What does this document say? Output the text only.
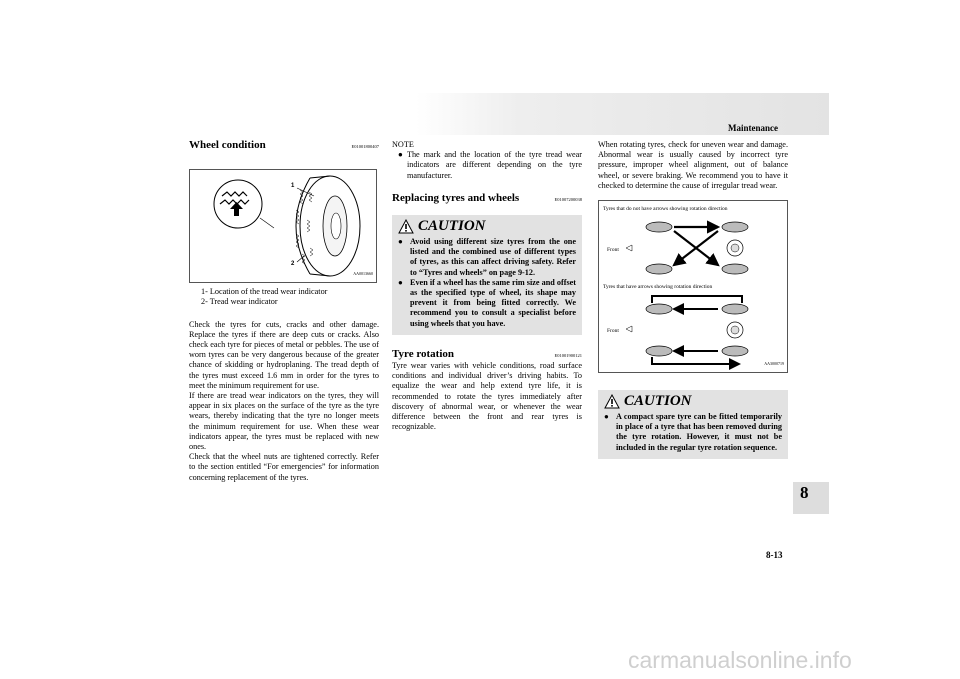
Maintenance
Wheel condition	E01001800407
1
2
AA0013660

1- Location of the tread wear indicator

2- Tread wear indicator

Check the tyres for cuts, cracks and other damage. Replace the tyres if there are deep cuts or cracks. Also check each tyre for pieces of metal or pebbles. The use of worn tyres can be very dangerous because of the greater chance of skidding or hydroplaning. The tread depth of the tyres must exceed 1.6 mm in order for the tyres to meet the minimum requirement for use.

If there are tread wear indicators on the tyres, they will appear in six places on the surface of the tyre as the tyre wears, thereby indicating that the tyre no longer meets the minimum requirement for use. When these wear indicators appear, the tyres must be replaced with new ones.

Check that the wheel nuts are tightened correctly. Refer to the section entitled “For emergencies” for information concerning replacement of the tyres.

NOTE

● The mark and the location of the tyre tread wear indicators are different depending on the tyre manufacturer.
Replacing tyres and wheels	E01007200038
CAUTION
● Avoid using different size tyres from the one listed and the combined use of different types of tyres, as this can affect driving safety. Refer to “Tyres and wheels” on page 9-12.
● Even if a wheel has the same rim size and offset as the specified type of wheel, its shape may prevent it from being fitted correctly. We recommend you to consult a specialist before using wheels that you have.
Tyre rotation	E01001900121

Tyre wear varies with vehicle conditions, road surface conditions and individual driver’s driving habits. To equalize the wear and help extend tyre life, it is recommended to rotate the tyres immediately after discovery of abnormal wear, or whenever the wear difference between the front and rear tyres is recognizable.

When rotating tyres, check for uneven wear and damage. Abnormal wear is usually caused by incorrect tyre pressure, improper wheel alignment, out of balance wheel, or severe braking. We recommend you to have it checked to determine the cause of irregular tread wear.

Tyres that do not have arrows showing rotation direction
Front
Tyres that have arrows showing rotation direction
Front
AA3000719
CAUTION
● A compact spare tyre can be fitted temporarily in place of a tyre that has been removed during the tyre rotation. However, it must not be included in the regular tyre rotation sequence.
8
8-13
carmanualsonline.info
